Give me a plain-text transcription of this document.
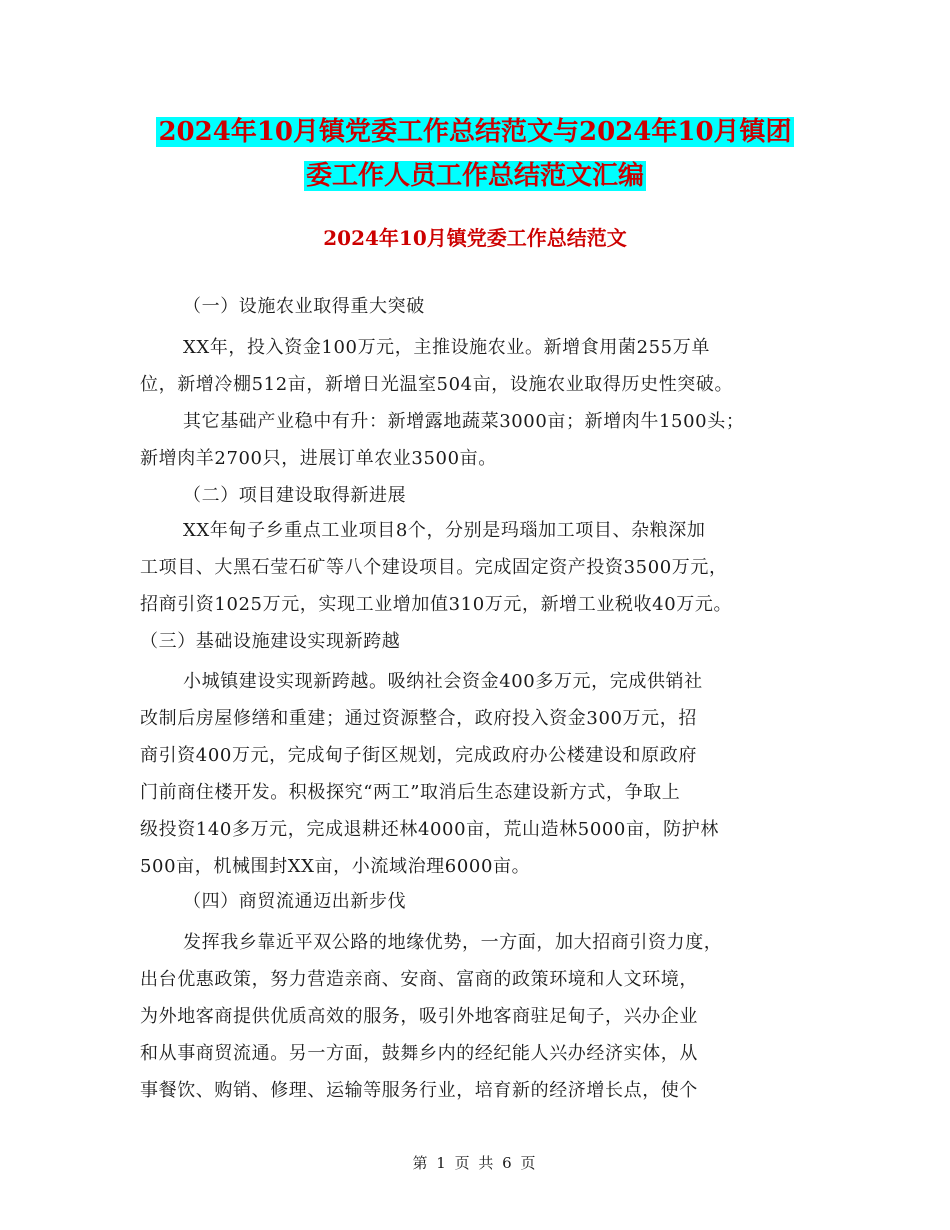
2024年10月镇党委工作总结范文与2024年10月镇团
委工作人员工作总结范文汇编
2024年10月镇党委工作总结范文
（一）设施农业取得重大突破
XX年，投入资金100万元，主推设施农业。新增食用菌255万单
位，新增冷棚512亩，新增日光温室504亩，设施农业取得历史性突破。
其它基础产业稳中有升：新增露地蔬菜3000亩；新增肉牛1500头；
新增肉羊2700只，进展订单农业3500亩。
（二）项目建设取得新进展
XX年甸子乡重点工业项目8个，分别是玛瑙加工项目、杂粮深加
工项目、大黑石莹石矿等八个建设项目。完成固定资产投资3500万元，
招商引资1025万元，实现工业增加值310万元，新增工业税收40万元。
（三）基础设施建设实现新跨越
小城镇建设实现新跨越。吸纳社会资金400多万元，完成供销社
改制后房屋修缮和重建；通过资源整合，政府投入资金300万元，招
商引资400万元，完成甸子街区规划，完成政府办公楼建设和原政府
门前商住楼开发。积极探究“两工”取消后生态建设新方式，争取上
级投资140多万元，完成退耕还林4000亩，荒山造林5000亩，防护林
500亩，机械围封XX亩，小流域治理6000亩。
（四）商贸流通迈出新步伐
发挥我乡靠近平双公路的地缘优势，一方面，加大招商引资力度，
出台优惠政策，努力营造亲商、安商、富商的政策环境和人文环境，
为外地客商提供优质高效的服务，吸引外地客商驻足甸子，兴办企业
和从事商贸流通。另一方面，鼓舞乡内的经纪能人兴办经济实体，从
事餐饮、购销、修理、运输等服务行业，培育新的经济增长点，使个
第 1 页 共 6 页
